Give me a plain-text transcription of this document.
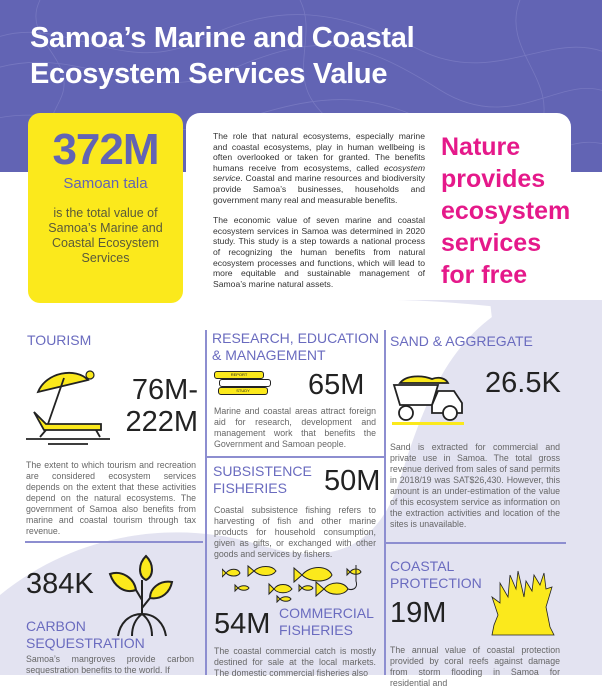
Samoa’s Marine and Coastal
Ecosystem Services Value
372M
Samoan tala
is the total value of Samoa’s Marine and Coastal Ecosystem Services

The role that natural ecosystems, especially marine and coastal ecosystems, play in human wellbeing is often overlooked or taken for granted. The benefits humans receive from ecosystems, called ecosystem service. Coastal and marine resources and biodiversity provide Samoa’s businesses, households and government many real and measurable benefits.

The economic value of seven marine and coastal ecosystem services in Samoa was determined in 2020 study. This study is a step towards a national process of recognizing the human benefits from natural ecosystem processes and functions, which will lead to more equitable and sustainable management of Samoa’s marine natural assets.

Nature provides ecosystem services for free
TOURISM
76M-
222M
The extent to which tourism and recreation are considered ecosystem services depends on the extent that these activities depend on the natural ecosystems. The government of Samoa also benefits from marine and coastal tourism through tax revenue.
RESEARCH, EDUCATION & MANAGEMENT
REPORT
STUDY	65M
Marine and coastal areas attract foreign aid for research, development and management work that benefits the Government and Samoan people.
SUBSISTENCE FISHERIES	50M
Coastal subsistence fishing refers to harvesting of fish and other marine products for household consumption, given as gifts, or exchanged with other goods and services by fishers.
SAND & AGGREGATE
26.5K
Sand is extracted for commercial and private use in Samoa. The total gross revenue derived from sales of sand permits in 2018/19 was SAT$26,430. However, this amount is an under-estimation of the value of this ecosystem service as information on the extraction activities and location of the sites is unavailable.
384K
CARBON SEQUESTRATION
Samoa’s mangroves provide carbon sequestration benefits to the world. If
54M COMMERCIAL FISHERIES
The coastal commercial catch is mostly destined for sale at the local markets. The domestic commercial fisheries also
COASTAL PROTECTION
19M
The annual value of coastal protection provided by coral reefs against damage from storm flooding in Samoa for residential and
